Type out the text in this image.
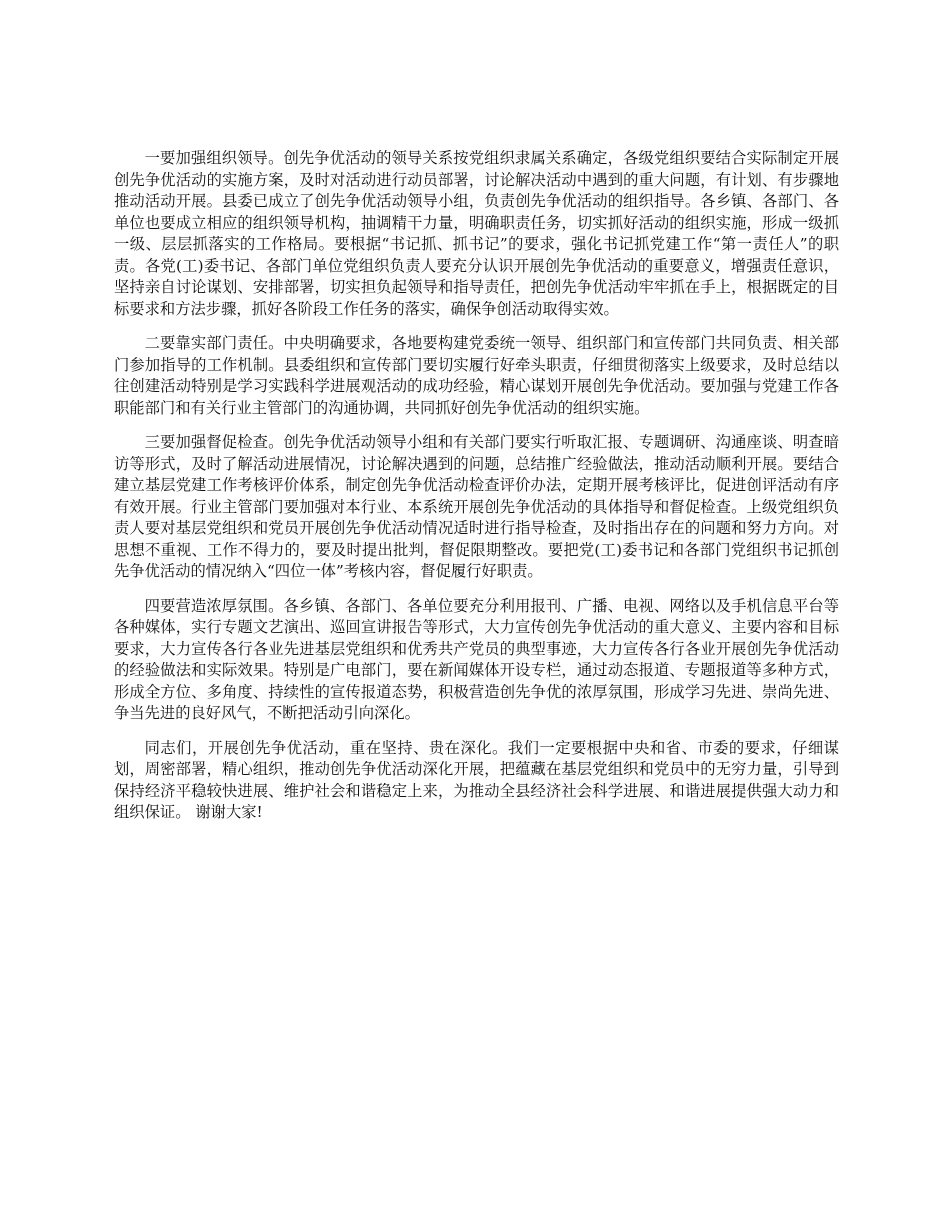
一要加强组织领导。创先争优活动的领导关系按党组织隶属关系确定，各级党组织要结合实际制定开展创先争优活动的实施方案，及时对活动进行动员部署，讨论解决活动中遇到的重大问题，有计划、有步骤地推动活动开展。县委已成立了创先争优活动领导小组，负责创先争优活动的组织指导。各乡镇、各部门、各单位也要成立相应的组织领导机构，抽调精干力量，明确职责任务，切实抓好活动的组织实施，形成一级抓一级、层层抓落实的工作格局。要根据“书记抓、抓书记”的要求，强化书记抓党建工作“第一责任人”的职责。各党(工)委书记、各部门单位党组织负责人要充分认识开展创先争优活动的重要意义，增强责任意识，坚持亲自讨论谋划、安排部署，切实担负起领导和指导责任，把创先争优活动牢牢抓在手上，根据既定的目标要求和方法步骤，抓好各阶段工作任务的落实，确保争创活动取得实效。

二要靠实部门责任。中央明确要求，各地要构建党委统一领导、组织部门和宣传部门共同负责、相关部门参加指导的工作机制。县委组织和宣传部门要切实履行好牵头职责，仔细贯彻落实上级要求，及时总结以往创建活动特别是学习实践科学进展观活动的成功经验，精心谋划开展创先争优活动。要加强与党建工作各职能部门和有关行业主管部门的沟通协调，共同抓好创先争优活动的组织实施。

三要加强督促检查。创先争优活动领导小组和有关部门要实行听取汇报、专题调研、沟通座谈、明查暗访等形式，及时了解活动进展情况，讨论解决遇到的问题，总结推广经验做法，推动活动顺利开展。要结合建立基层党建工作考核评价体系，制定创先争优活动检查评价办法，定期开展考核评比，促进创评活动有序有效开展。行业主管部门要加强对本行业、本系统开展创先争优活动的具体指导和督促检查。上级党组织负责人要对基层党组织和党员开展创先争优活动情况适时进行指导检查，及时指出存在的问题和努力方向。对思想不重视、工作不得力的，要及时提出批判，督促限期整改。要把党(工)委书记和各部门党组织书记抓创先争优活动的情况纳入“四位一体”考核内容，督促履行好职责。

四要营造浓厚氛围。各乡镇、各部门、各单位要充分利用报刊、广播、电视、网络以及手机信息平台等各种媒体，实行专题文艺演出、巡回宣讲报告等形式，大力宣传创先争优活动的重大意义、主要内容和目标要求，大力宣传各行各业先进基层党组织和优秀共产党员的典型事迹，大力宣传各行各业开展创先争优活动的经验做法和实际效果。特别是广电部门，要在新闻媒体开设专栏，通过动态报道、专题报道等多种方式，形成全方位、多角度、持续性的宣传报道态势，积极营造创先争优的浓厚氛围，形成学习先进、崇尚先进、争当先进的良好风气，不断把活动引向深化。

同志们，开展创先争优活动，重在坚持、贵在深化。我们一定要根据中央和省、市委的要求，仔细谋划，周密部署，精心组织，推动创先争优活动深化开展，把蕴藏在基层党组织和党员中的无穷力量，引导到保持经济平稳较快进展、维护社会和谐稳定上来，为推动全县经济社会科学进展、和谐进展提供强大动力和组织保证。 谢谢大家!
